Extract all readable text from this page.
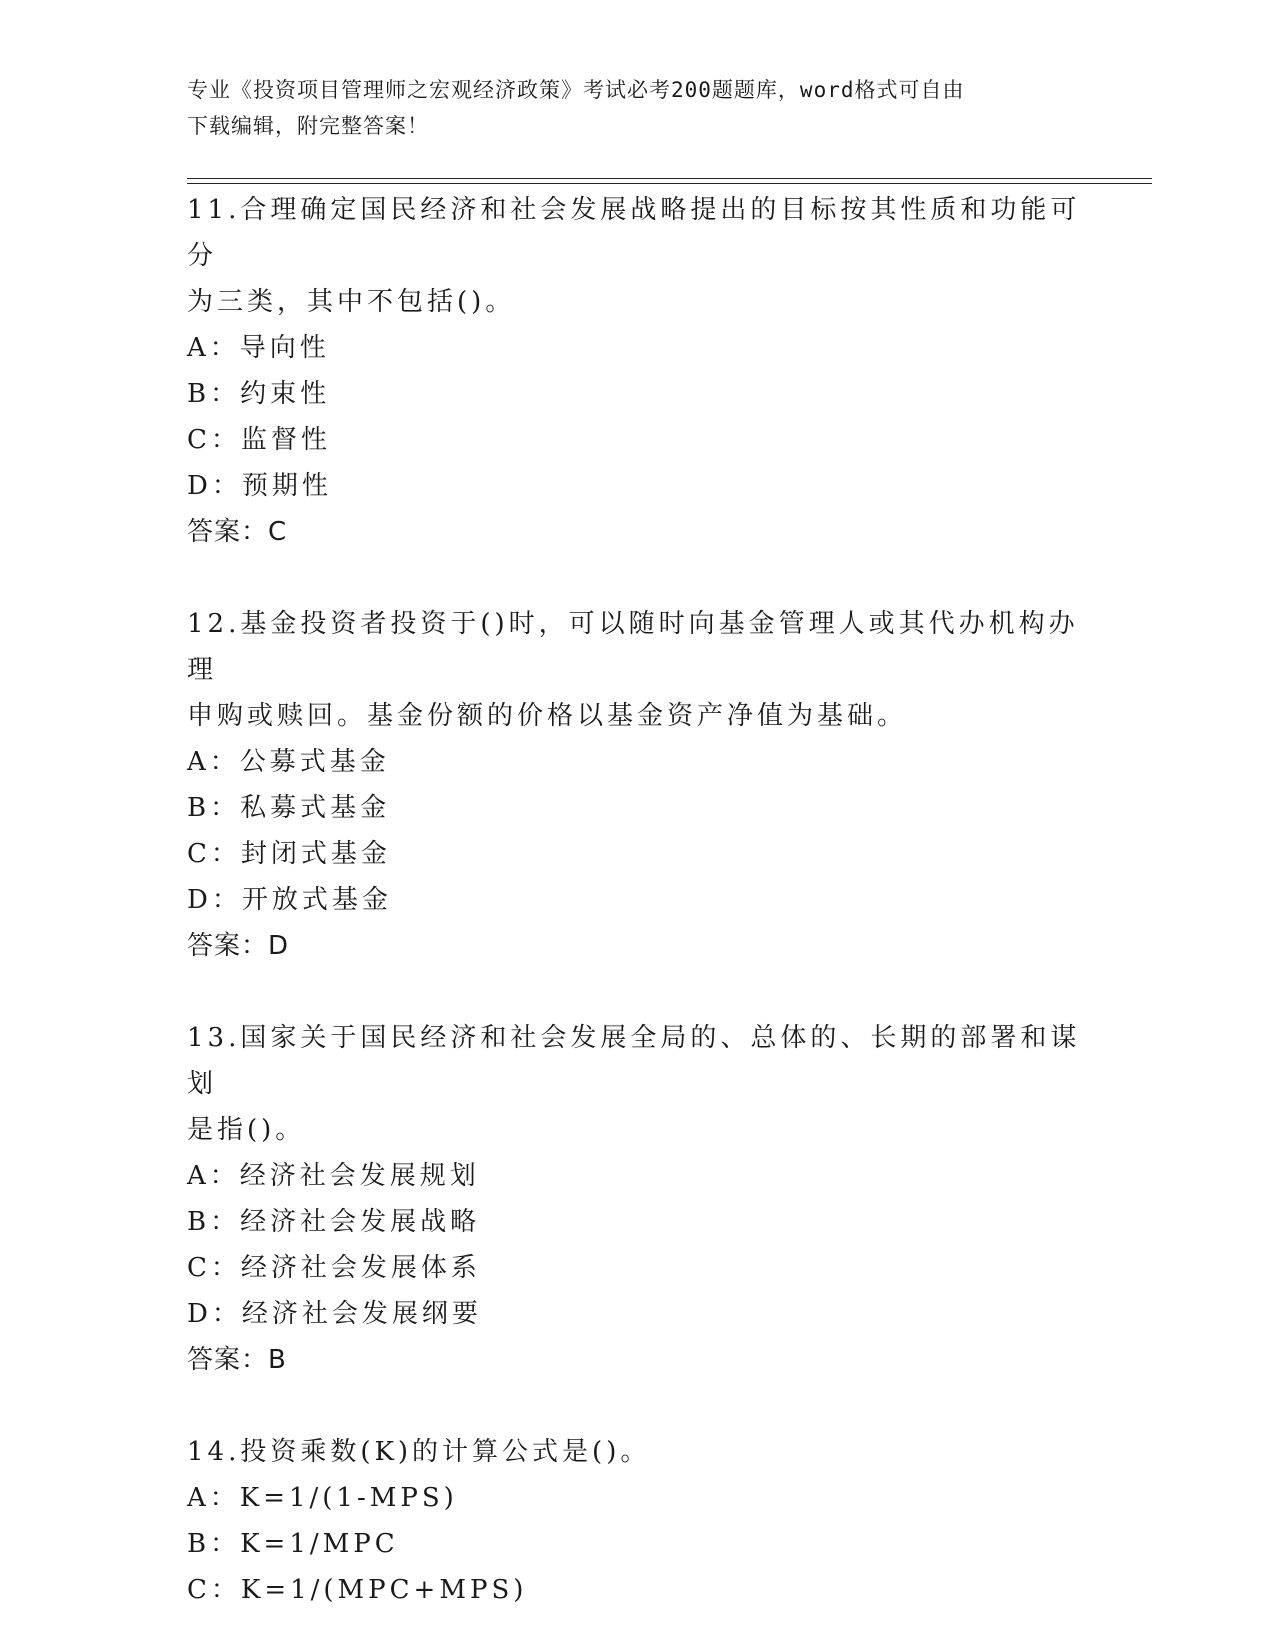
专业《投资项目管理师之宏观经济政策》考试必考200题题库，word格式可自由
下载编辑，附完整答案！

11.合理确定国民经济和社会发展战略提出的目标按其性质和功能可分

为三类，其中不包括()。

A：导向性

B：约束性

C：监督性

D：预期性

答案：C

12.基金投资者投资于()时，可以随时向基金管理人或其代办机构办理

申购或赎回。基金份额的价格以基金资产净值为基础。

A：公募式基金

B：私募式基金

C：封闭式基金

D：开放式基金

答案：D

13.国家关于国民经济和社会发展全局的、总体的、长期的部署和谋划

是指()。

A：经济社会发展规划

B：经济社会发展战略

C：经济社会发展体系

D：经济社会发展纲要

答案：B

14.投资乘数(K)的计算公式是()。

A：K=1/(1-MPS)

B：K=1/MPC

C：K=1/(MPC+MPS)
